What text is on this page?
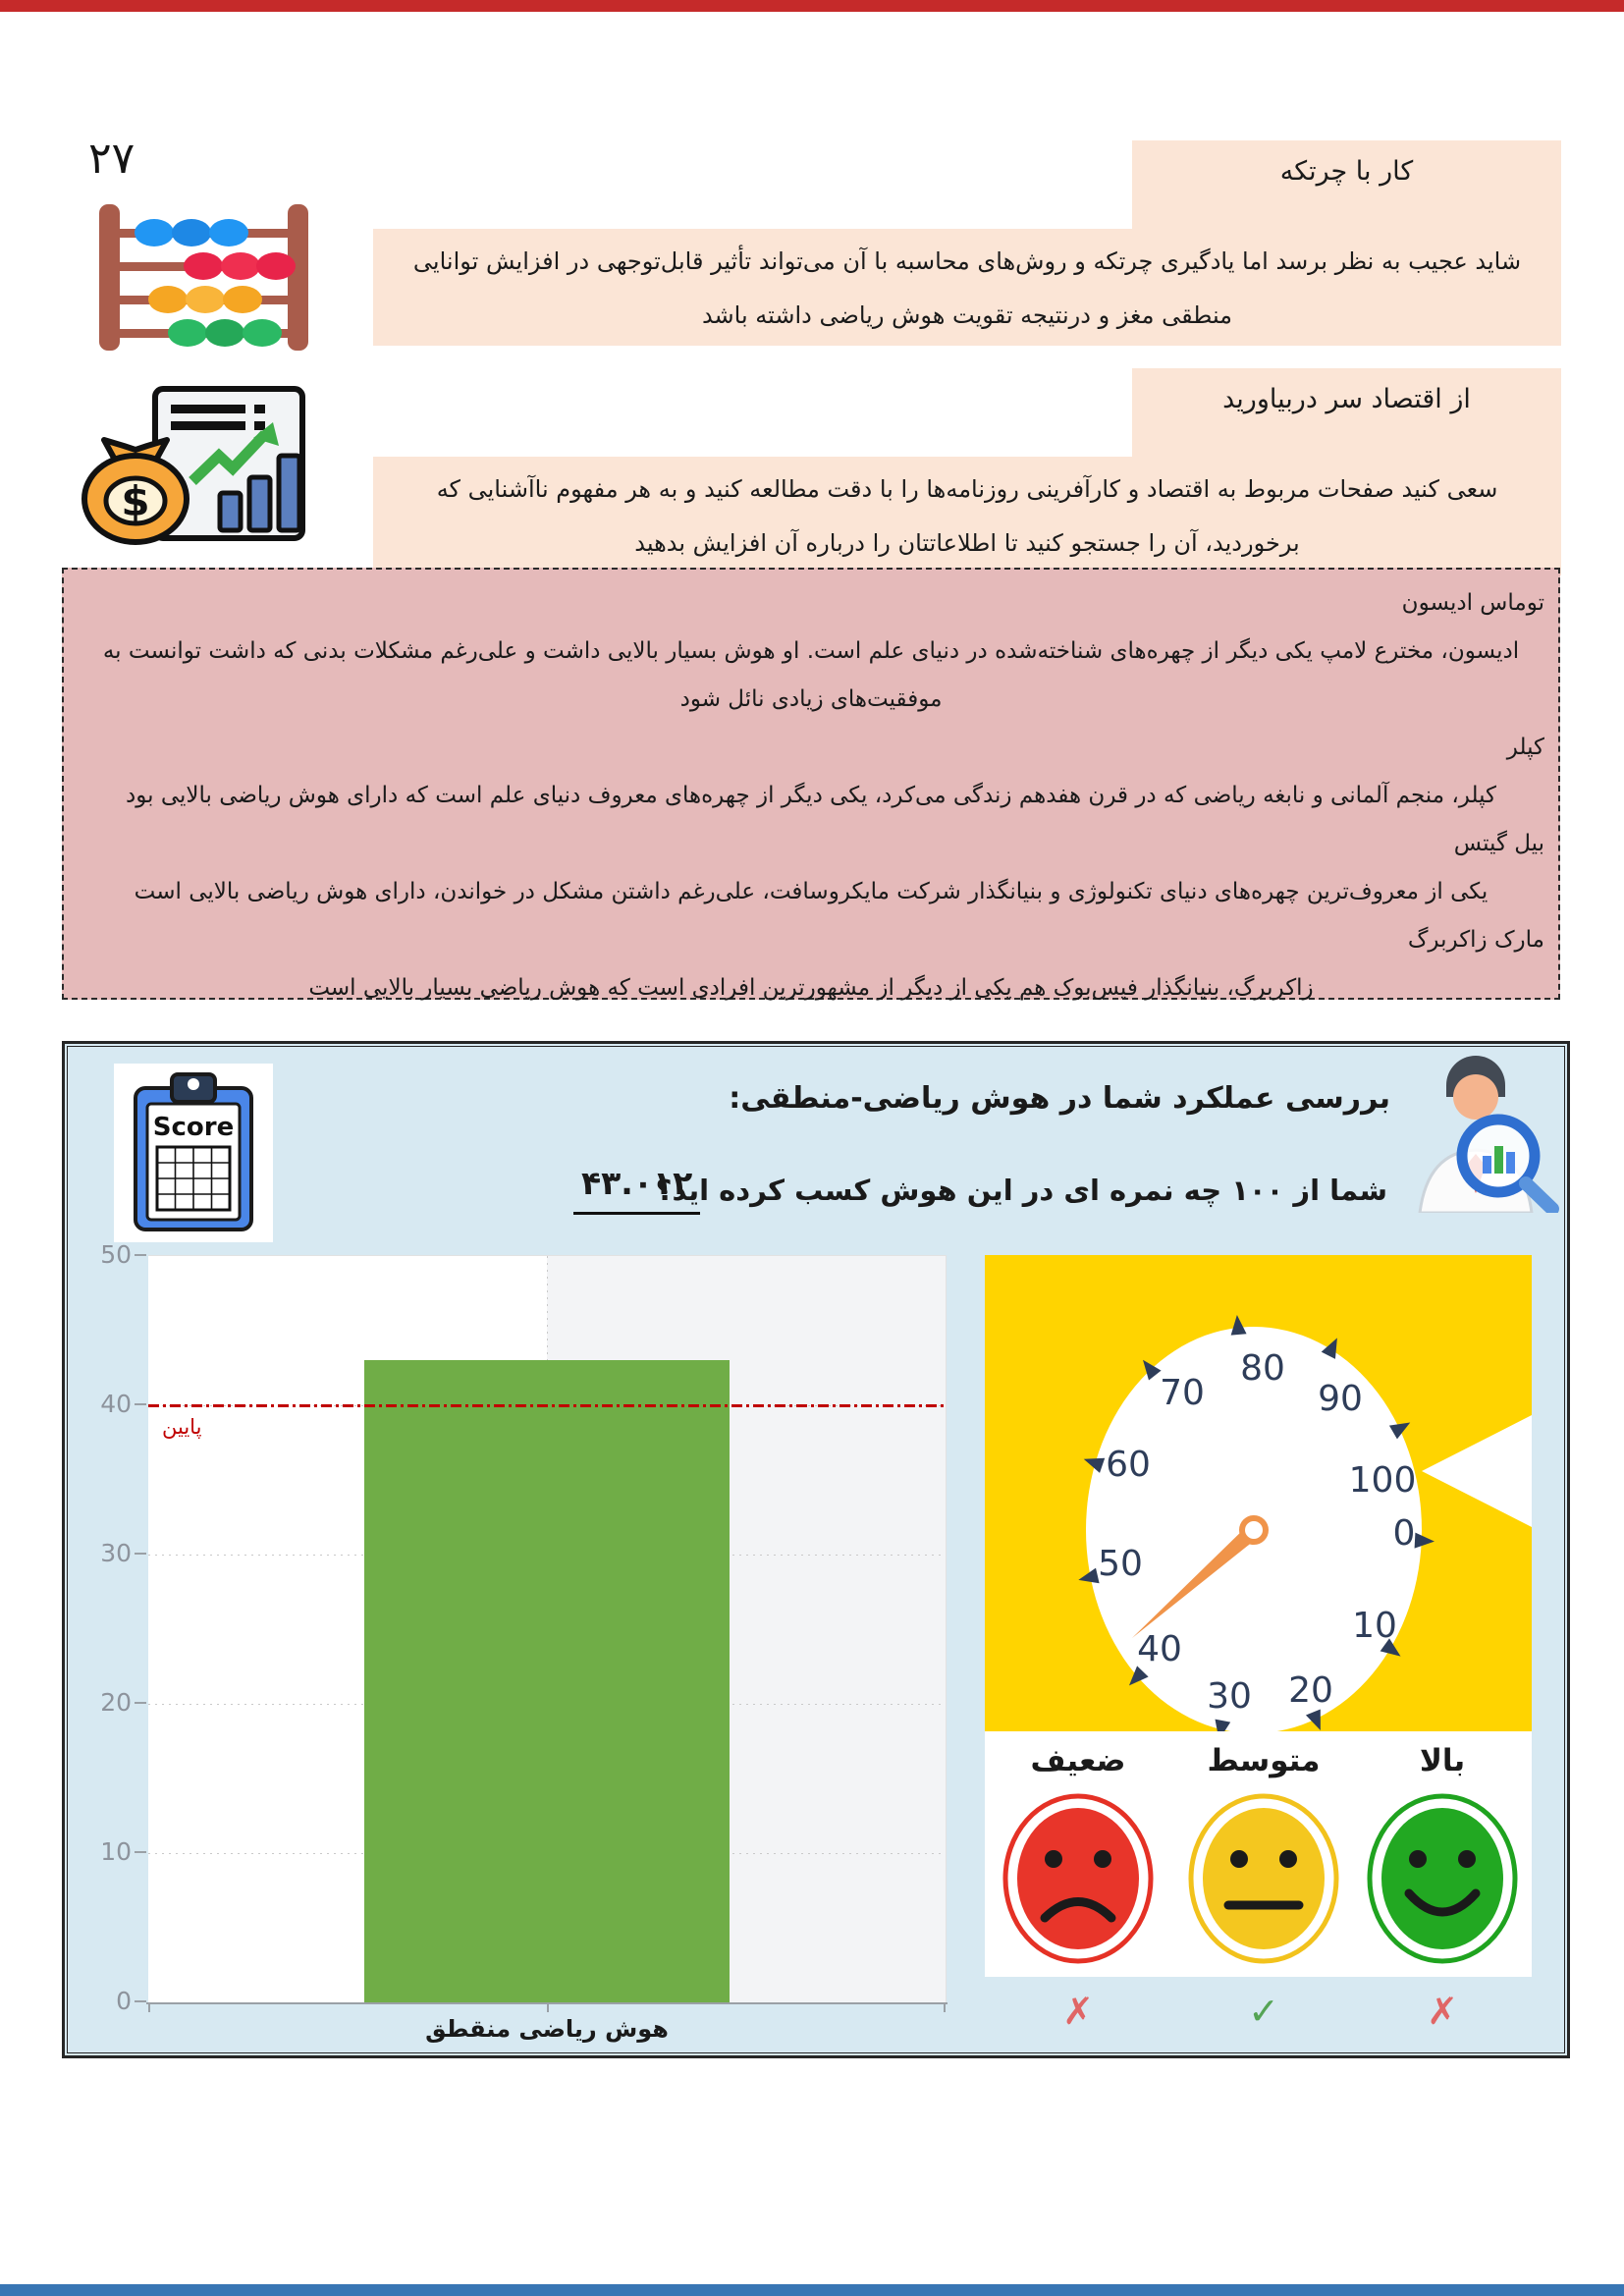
۲۷	کار با چرتکه
شاید عجیب به نظر برسد اما یادگیری چرتکه و روش‌های محاسبه با آن می‌تواند تأثیر قابل‌توجهی در افزایش توانایی
منطقی مغز و درنتیجه تقویت هوش ریاضی داشته باشد
$
از اقتصاد سر دربیاورید
سعی کنید صفحات مربوط به اقتصاد و کارآفرینی روزنامه‌ها را با دقت مطالعه کنید و به هر مفهوم ناآشنایی که
برخوردید، آن را جستجو کنید تا اطلاعاتتان را درباره آن افزایش بدهید
توماس ادیسون
ادیسون، مخترع لامپ یکی دیگر از چهره‌های شناخته‌شده در دنیای علم است. او هوش بسیار بالایی داشت و علی‌رغم مشکلات بدنی که داشت توانست به موفقیت‌های زیادی نائل شود
کپلر
کپلر، منجم آلمانی و نابغه ریاضی که در قرن هفدهم زندگی می‌کرد، یکی دیگر از چهره‌های معروف دنیای علم است که دارای هوش ریاضی بالایی بود
بیل گیتس
یکی از معروف‌ترین چهره‌های دنیای تکنولوژی و بنیانگذار شرکت مایکروسافت، علی‌رغم داشتن مشکل در خواندن، دارای هوش ریاضی بالایی است
مارک زاکربرگ
زاکربرگ، بنیانگذار فیس‌بوک هم یکی از دیگر از مشهورترین افرادی است که هوش ریاضی بسیار بالایی است
Score
بررسی عملکرد شما در هوش ریاضی-منطقی:
شما از ۱۰۰ چه نمره ای در این هوش کسب کرده اید؟
۴۳.۰۱۲
50
40
30
20
10
0
پایین
هوش ریاضی منقطق
0
10
20
30
40
50
60
70
80
90
100
ضعیف
✗
متوسط
✓
بالا
✗
